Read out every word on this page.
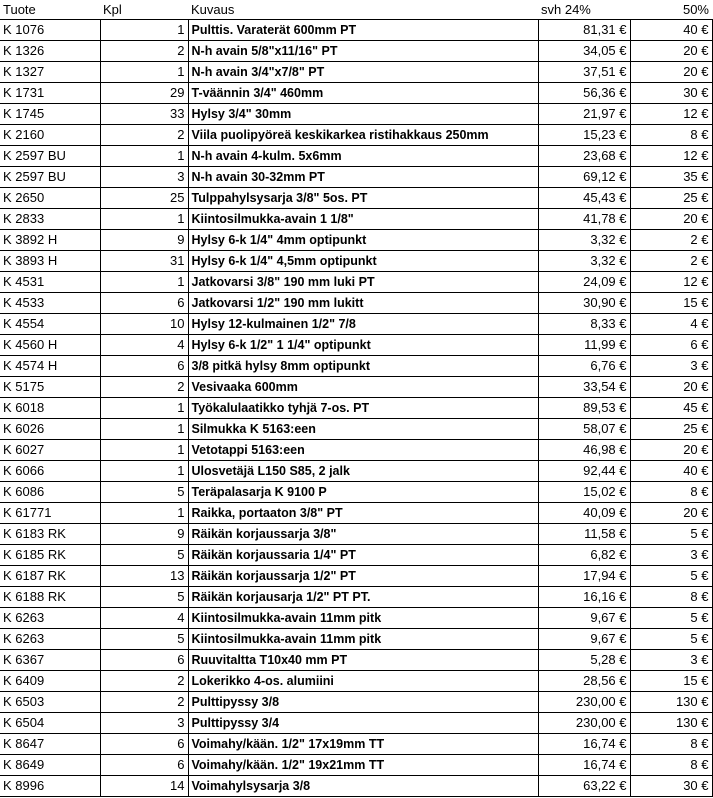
Tuote	Kpl	Kuvaus	svh 24%	50%
K 1076	1	Pulttis. Varaterät 600mm PT	81,31 €	40 €
K 1326	2	N-h avain 5/8"x11/16" PT	34,05 €	20 €
K 1327	1	N-h avain 3/4"x7/8" PT	37,51 €	20 €
K 1731	29	T-väännin 3/4" 460mm	56,36 €	30 €
K 1745	33	Hylsy 3/4" 30mm	21,97 €	12 €
K 2160	2	Viila puolipyöreä keskikarkea ristihakkaus 250mm	15,23 €	8 €
K 2597 BU	1	N-h avain 4-kulm. 5x6mm	23,68 €	12 €
K 2597 BU	3	N-h avain 30-32mm PT	69,12 €	35 €
K 2650	25	Tulppahylsysarja 3/8" 5os. PT	45,43 €	25 €
K 2833	1	Kiintosilmukka-avain 1 1/8"	41,78 €	20 €
K 3892 H	9	Hylsy 6-k 1/4" 4mm optipunkt	3,32 €	2 €
K 3893 H	31	Hylsy 6-k 1/4" 4,5mm optipunkt	3,32 €	2 €
K 4531	1	Jatkovarsi 3/8" 190 mm luki PT	24,09 €	12 €
K 4533	6	Jatkovarsi 1/2" 190 mm lukitt	30,90 €	15 €
K 4554	10	Hylsy 12-kulmainen 1/2" 7/8	8,33 €	4 €
K 4560 H	4	Hylsy 6-k 1/2" 1 1/4" optipunkt	11,99 €	6 €
K 4574 H	6	3/8 pitkä hylsy 8mm optipunkt	6,76 €	3 €
K 5175	2	Vesivaaka 600mm	33,54 €	20 €
K 6018	1	Työkalulaatikko tyhjä 7-os. PT	89,53 €	45 €
K 6026	1	Silmukka K 5163:een	58,07 €	25 €
K 6027	1	Vetotappi 5163:een	46,98 €	20 €
K 6066	1	Ulosvetäjä L150 S85, 2 jalk	92,44 €	40 €
K 6086	5	Teräpalasarja K 9100 P	15,02 €	8 €
K 61771	1	Raikka, portaaton 3/8" PT	40,09 €	20 €
K 6183 RK	9	Räikän korjaussarja 3/8"	11,58 €	5 €
K 6185 RK	5	Räikän korjaussaria 1/4" PT	6,82 €	3 €
K 6187 RK	13	Räikän korjaussarja 1/2" PT	17,94 €	5 €
K 6188 RK	5	Räikän korjausarja 1/2" PT PT.	16,16 €	8 €
K 6263	4	Kiintosilmukka-avain 11mm pitk	9,67 €	5 €
K 6263	5	Kiintosilmukka-avain 11mm pitk	9,67 €	5 €
K 6367	6	Ruuvitaltta T10x40 mm PT	5,28 €	3 €
K 6409	2	Lokerikko 4-os. alumiini	28,56 €	15 €
K 6503	2	Pulttipyssy 3/8	230,00 €	130 €
K 6504	3	Pulttipyssy 3/4	230,00 €	130 €
K 8647	6	Voimahy/kään. 1/2" 17x19mm TT	16,74 €	8 €
K 8649	6	Voimahy/kään. 1/2" 19x21mm TT	16,74 €	8 €
K 8996	14	Voimahylsysarja 3/8	63,22 €	30 €
